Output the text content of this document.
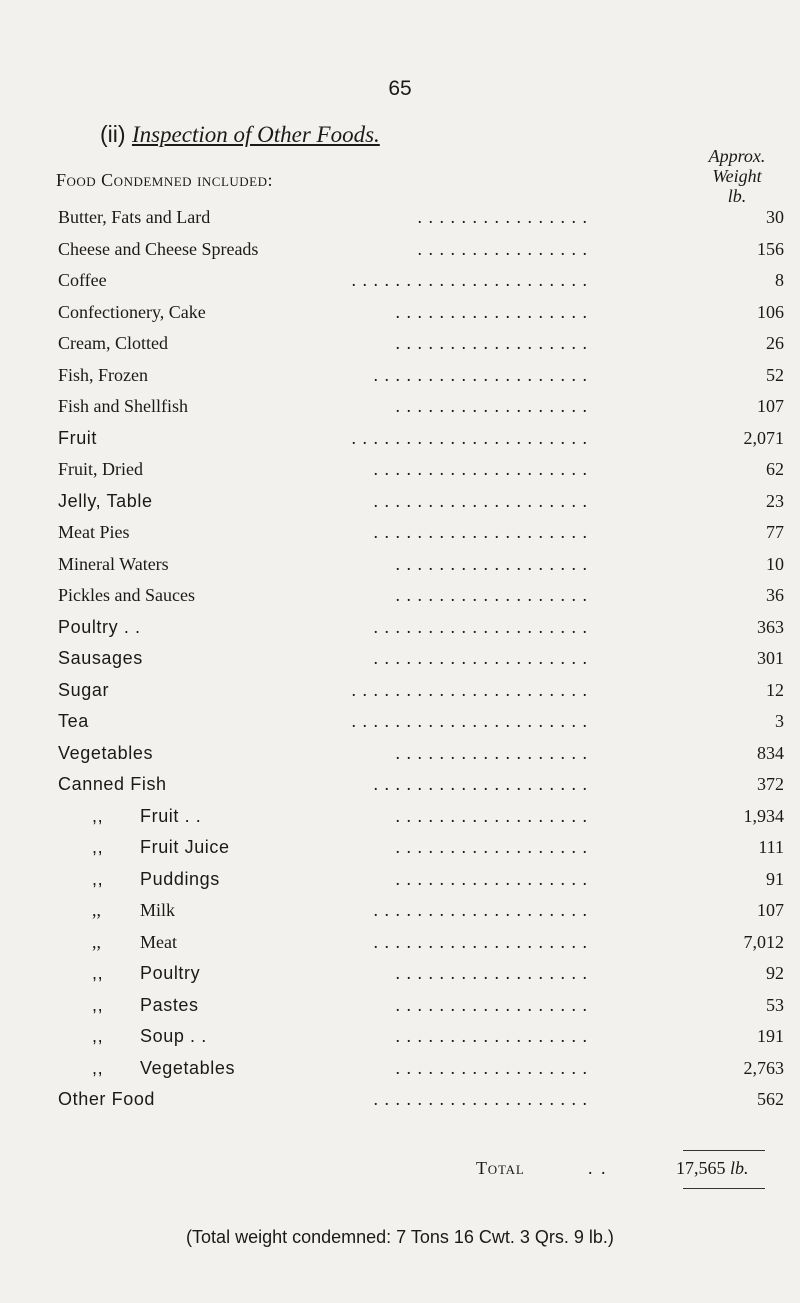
65
(ii) Inspection of Other Foods.
Food Condemned included:
Approx.
Weight
lb.
Butter, Fats and Lard	30
. . . . . . . . . . . . . . . .
Cheese and Cheese Spreads	156
. . . . . . . . . . . . . . . .
Coffee	8
. . . . . . . . . . . . . . . . . . . . . .
Confectionery, Cake	106
. . . . . . . . . . . . . . . . . .
Cream, Clotted	26
. . . . . . . . . . . . . . . . . .
Fish, Frozen	52
. . . . . . . . . . . . . . . . . . . .
Fish and Shellfish	107
. . . . . . . . . . . . . . . . . .
Fruit	2,071
. . . . . . . . . . . . . . . . . . . . . .
Fruit, Dried	62
. . . . . . . . . . . . . . . . . . . .
Jelly, Table	23
. . . . . . . . . . . . . . . . . . . .
Meat Pies	77
. . . . . . . . . . . . . . . . . . . .
Mineral Waters	10
. . . . . . . . . . . . . . . . . .
Pickles and Sauces	36
. . . . . . . . . . . . . . . . . .
Poultry . .	363
. . . . . . . . . . . . . . . . . . . .
Sausages	301
. . . . . . . . . . . . . . . . . . . .
Sugar	12
. . . . . . . . . . . . . . . . . . . . . .
Tea	3
. . . . . . . . . . . . . . . . . . . . . .
Vegetables	834
. . . . . . . . . . . . . . . . . .
Canned Fish	372
. . . . . . . . . . . . . . . . . . . .
,, Fruit . .	1,934
. . . . . . . . . . . . . . . . . .
,, Fruit Juice	111
. . . . . . . . . . . . . . . . . .
,, Puddings	91
. . . . . . . . . . . . . . . . . .
,, Milk	107
. . . . . . . . . . . . . . . . . . . .
,, Meat	7,012
. . . . . . . . . . . . . . . . . . . .
,, Poultry	92
. . . . . . . . . . . . . . . . . .
,, Pastes	53
. . . . . . . . . . . . . . . . . .
,, Soup . .	191
. . . . . . . . . . . . . . . . . .
,, Vegetables	2,763
. . . . . . . . . . . . . . . . . .
Other Food	562
. . . . . . . . . . . . . . . . . . . .
Total	. .	17,565 lb.
(Total weight condemned: 7 Tons 16 Cwt. 3 Qrs. 9 lb.)
